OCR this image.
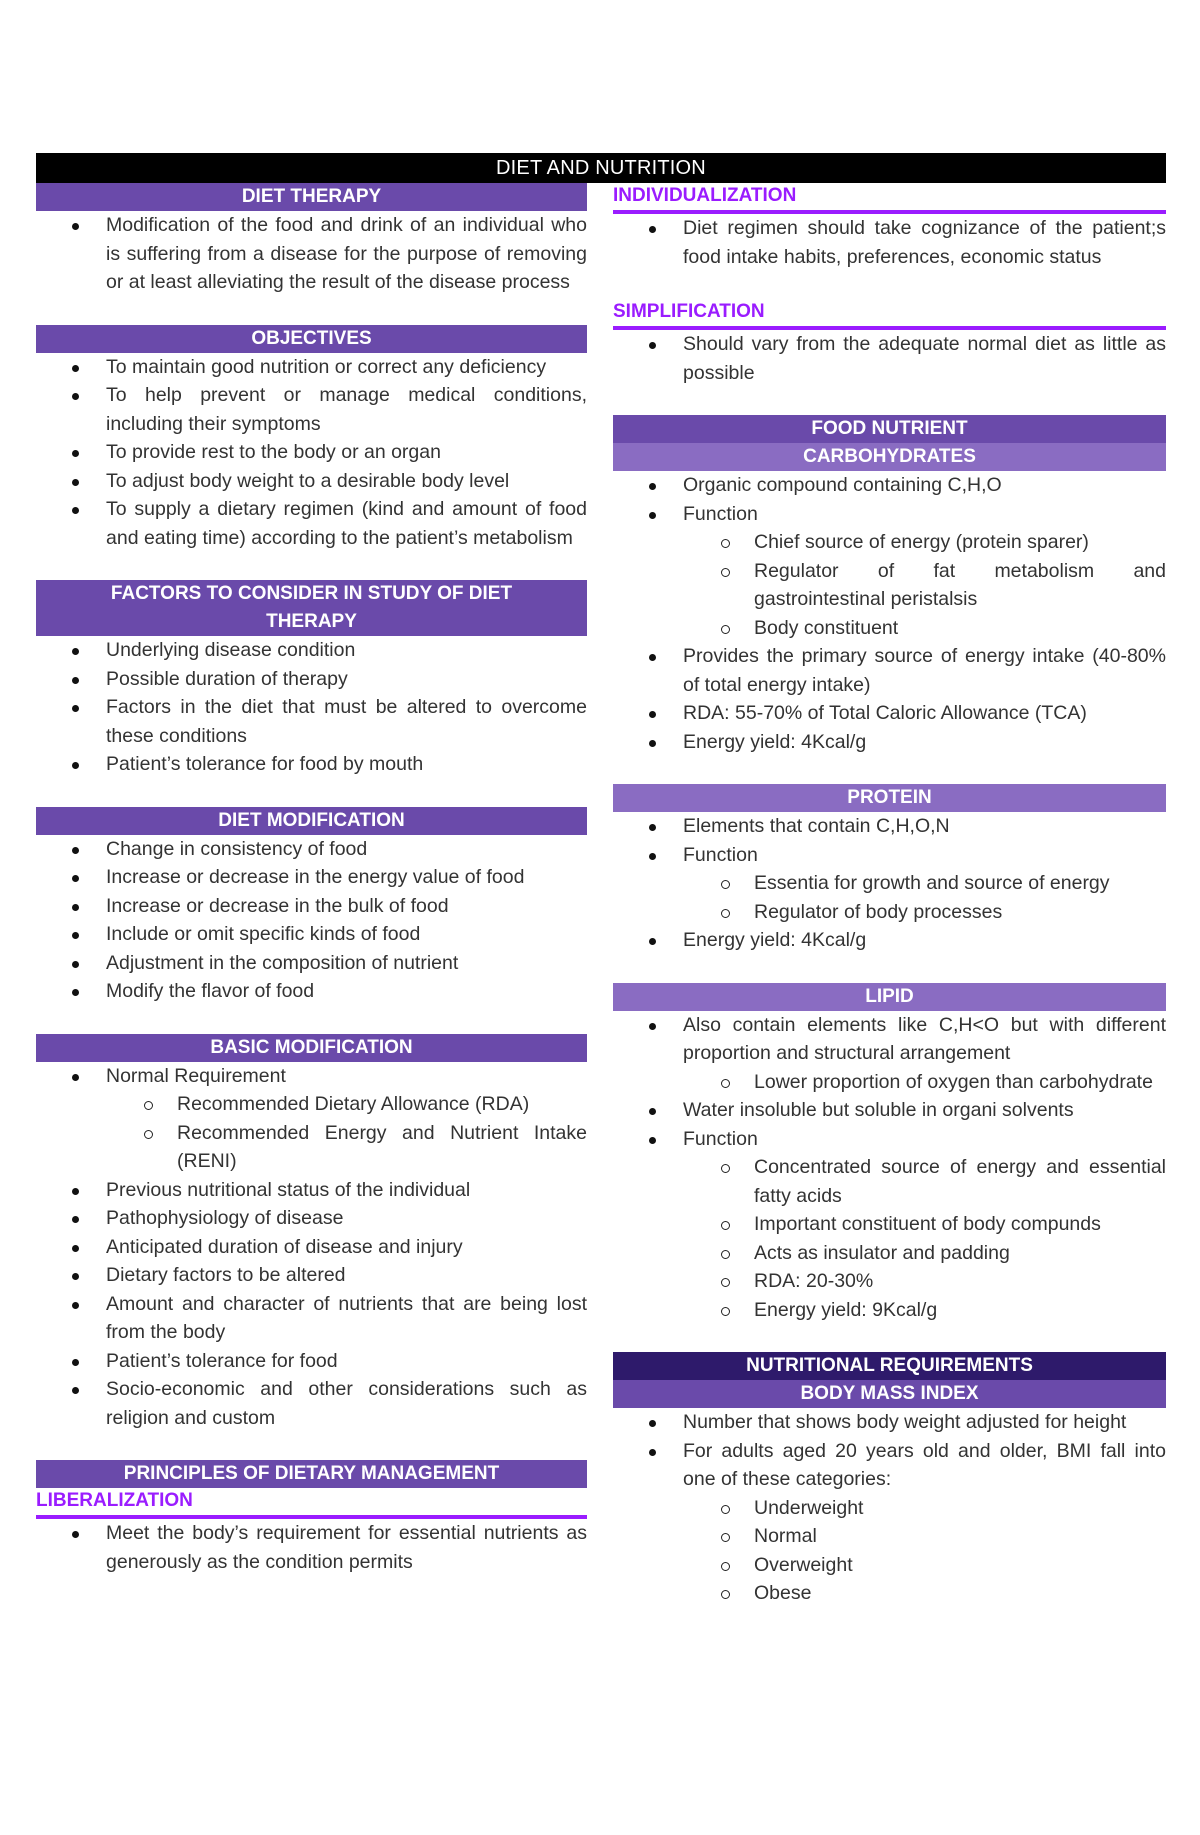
DIET AND NUTRITION
DIET THERAPY
Modification of the food and drink of an individual who is suffering from a disease for the purpose of removing or at least alleviating the result of the disease process
OBJECTIVES
To maintain good nutrition or correct any deficiency
To help prevent or manage medical conditions, including their symptoms
To provide rest to the body or an organ
To adjust body weight to a desirable body level
To supply a dietary regimen (kind and amount of food and eating time) according to the patient’s metabolism
FACTORS TO CONSIDER IN STUDY OF DIET THERAPY
Underlying disease condition
Possible duration of therapy
Factors in the diet that must be altered to overcome these conditions
Patient’s tolerance for food by mouth
DIET MODIFICATION
Change in consistency of food
Increase or decrease in the energy value of food
Increase or decrease in the bulk of food
Include or omit specific kinds of food
Adjustment in the composition of nutrient
Modify the flavor of food
BASIC MODIFICATION
Normal Requirement
Recommended Dietary Allowance (RDA)
Recommended Energy and Nutrient Intake (RENI)
Previous nutritional status of the individual
Pathophysiology of disease
Anticipated duration of disease and injury
Dietary factors to be altered
Amount and character of nutrients that are being lost from the body
Patient’s tolerance for food
Socio-economic and other considerations such as religion and custom
PRINCIPLES OF DIETARY MANAGEMENT
LIBERALIZATION
Meet the body’s requirement for essential nutrients as generously as the condition permits
INDIVIDUALIZATION
Diet regimen should take cognizance of the patient;s food intake habits, preferences, economic status
SIMPLIFICATION
Should vary from the adequate normal diet as little as possible
FOOD NUTRIENT
CARBOHYDRATES
Organic compound containing C,H,O
Function
Chief source of energy (protein sparer)
Regulator of fat metabolism and gastrointestinal peristalsis
Body constituent
Provides the primary source of energy intake (40-80% of total energy intake)
RDA: 55-70% of Total Caloric Allowance (TCA)
Energy yield: 4Kcal/g
PROTEIN
Elements that contain C,H,O,N
Function
Essentia for growth and source of energy
Regulator of body processes
Energy yield: 4Kcal/g
LIPID
Also contain elements like C,H<O but with different proportion and structural arrangement
Lower proportion of oxygen than carbohydrate
Water insoluble but soluble in organi solvents
Function
Concentrated source of energy and essential fatty acids
Important constituent of body compunds
Acts as insulator and padding
RDA: 20-30%
Energy yield: 9Kcal/g
NUTRITIONAL REQUIREMENTS
BODY MASS INDEX
Number that shows body weight adjusted for height
For adults aged 20 years old and older, BMI fall into one of these categories:
Underweight
Normal
Overweight
Obese
